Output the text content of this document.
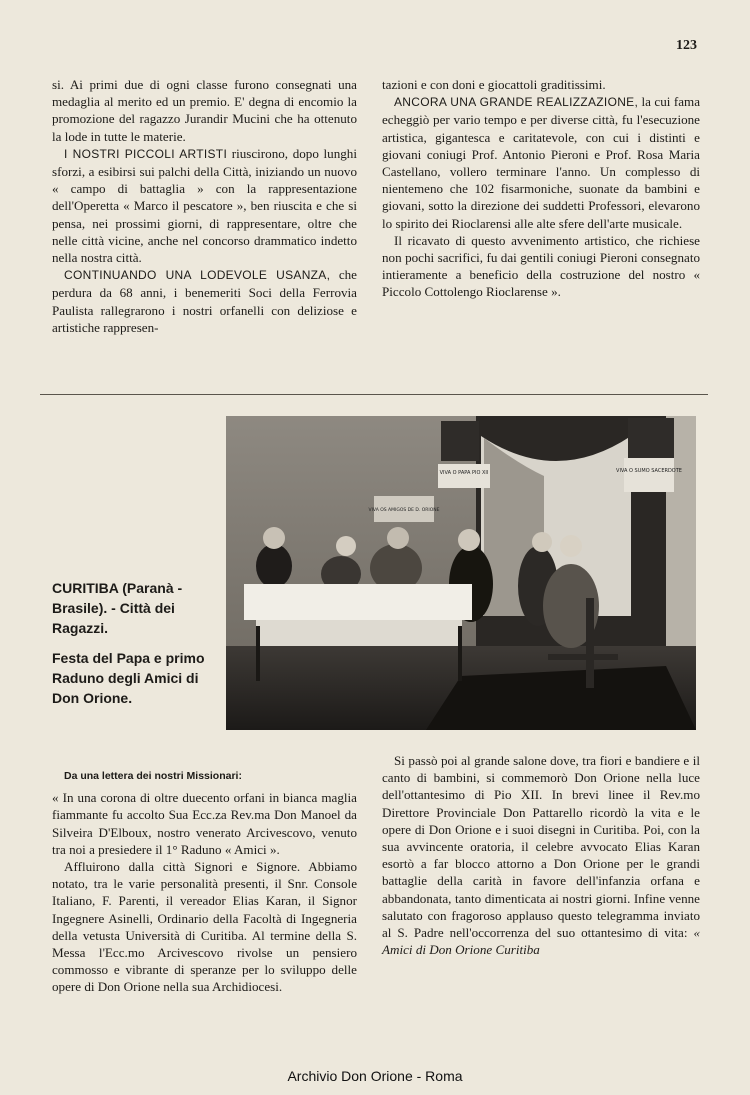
123

si. Ai primi due di ogni classe furono consegnati una medaglia al merito ed un premio. E' degna di encomio la promozione del ragazzo Jurandir Mucini che ha ottenuto la lode in tutte le materie.

I NOSTRI PICCOLI ARTISTI riuscirono, dopo lunghi sforzi, a esibirsi sui palchi della Città, iniziando un nuovo « campo di battaglia » con la rappresentazione dell'Operetta « Marco il pescatore », ben riuscita e che si pensa, nei prossimi giorni, di rappresentare, oltre che nelle città vicine, anche nel concorso drammatico indetto nella nostra città.

CONTINUANDO UNA LODEVOLE USANZA, che perdura da 68 anni, i benemeriti Soci della Ferrovia Paulista rallegrarono i nostri orfanelli con deliziose e artistiche rappresen-

tazioni e con doni e giocattoli graditissimi.

ANCORA UNA GRANDE REALIZZAZIONE, la cui fama echeggiò per vario tempo e per diverse città, fu l'esecuzione artistica, gigantesca e caritatevole, con cui i distinti e giovani coniugi Prof. Antonio Pieroni e Prof. Rosa Maria Castellano, vollero terminare l'anno. Un complesso di nientemeno che 102 fisarmoniche, suonate da bambini e giovani, sotto la direzione dei suddetti Professori, elevarono lo spirito dei Rioclarensi alle alte sfere dell'arte musicale.

Il ricavato di questo avvenimento artistico, che richiese non pochi sacrifici, fu dai gentili coniugi Pieroni consegnato intieramente a beneficio della costruzione del nostro « Piccolo Cottolengo Rioclarense ».

VIVA O PAPA PIO XII	VIVA O SUMO SACERDOTE
VIVA OS AMIGOS DE D. ORIONE
CURITIBA (Paranà - Brasile). - Città dei Ragazzi.
Festa del Papa e primo Raduno degli Amici di Don Orione.

Da una lettera dei nostri Missionari:

« In una corona di oltre duecento orfani in bianca maglia fiammante fu accolto Sua Ecc.za Rev.ma Don Manoel da Silveira D'Elboux, nostro venerato Arcivescovo, venuto tra noi a presiedere il 1° Raduno « Amici ».

Affluirono dalla città Signori e Signore. Abbiamo notato, tra le varie personalità presenti, il Snr. Console Italiano, F. Parenti, il vereador Elias Karan, il Signor Ingegnere Asinelli, Ordinario della Facoltà di Ingegneria della vetusta Università di Curitiba. Al termine della S. Messa l'Ecc.mo Arcivescovo rivolse un pensiero commosso e vibrante di speranze per lo sviluppo delle opere di Don Orione nella sua Archidiocesi.

Si passò poi al grande salone dove, tra fiori e bandiere e il canto di bambini, si commemorò Don Orione nella luce dell'ottantesimo di Pio XII. In brevi linee il Rev.mo Direttore Provinciale Don Pattarello ricordò la vita e le opere di Don Orione e i suoi disegni in Curitiba. Poi, con la sua avvincente oratoria, il celebre avvocato Elias Karan esortò a far blocco attorno a Don Orione per le grandi battaglie della carità in favore dell'infanzia orfana e abbandonata, tanto dimenticata ai nostri giorni. Infine venne salutato con fragoroso applauso questo telegramma inviato al S. Padre nell'occorrenza del suo ottantesimo di vita: « Amici di Don Orione Curitiba

Archivio Don Orione - Roma
